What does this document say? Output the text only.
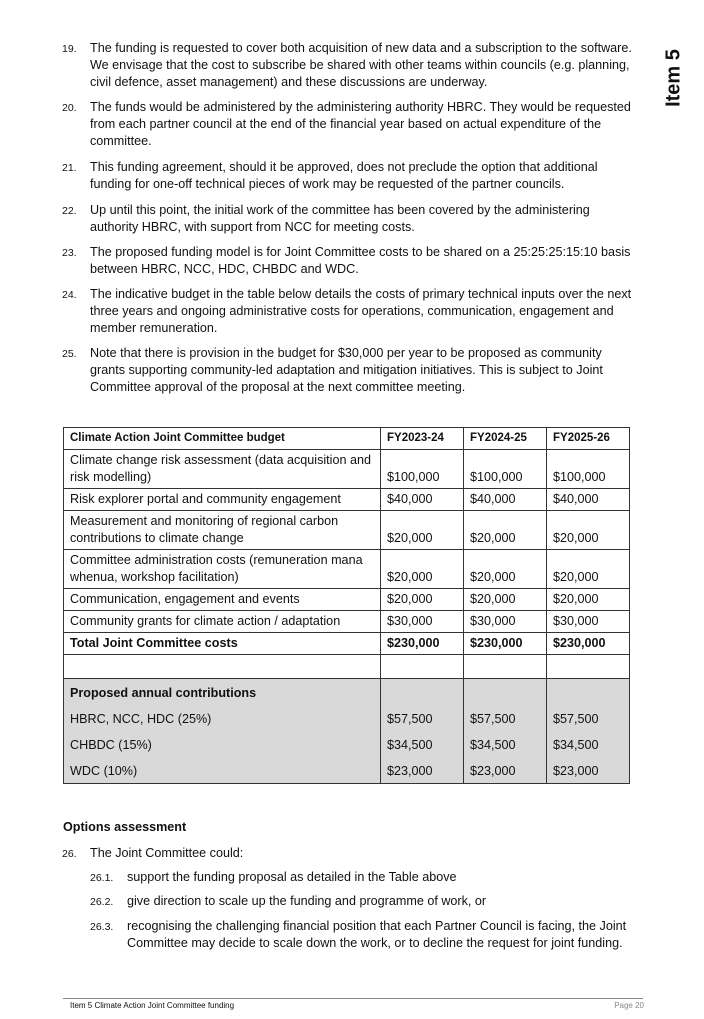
Item 5
19. The funding is requested to cover both acquisition of new data and a subscription to the software. We envisage that the cost to subscribe be shared with other teams within councils (e.g. planning, civil defence, asset management) and these discussions are underway.
20. The funds would be administered by the administering authority HBRC. They would be requested from each partner council at the end of the financial year based on actual expenditure of the committee.
21. This funding agreement, should it be approved, does not preclude the option that additional funding for one-off technical pieces of work may be requested of the partner councils.
22. Up until this point, the initial work of the committee has been covered by the administering authority HBRC, with support from NCC for meeting costs.
23. The proposed funding model is for Joint Committee costs to be shared on a 25:25:25:15:10 basis between HBRC, NCC, HDC, CHBDC and WDC.
24. The indicative budget in the table below details the costs of primary technical inputs over the next three years and ongoing administrative costs for operations, communication, engagement and member remuneration.
25. Note that there is provision in the budget for $30,000 per year to be proposed as community grants supporting community-led adaptation and mitigation initiatives. This is subject to Joint Committee approval of the proposal at the next committee meeting.
Climate Action Joint Committee budget	FY2023-24	FY2024-25	FY2025-26
Climate change risk assessment (data acquisition and risk modelling)	$100,000	$100,000	$100,000
Risk explorer portal and community engagement	$40,000	$40,000	$40,000
Measurement and monitoring of regional carbon contributions to climate change	$20,000	$20,000	$20,000
Committee administration costs (remuneration mana whenua, workshop facilitation)	$20,000	$20,000	$20,000
Communication, engagement and events	$20,000	$20,000	$20,000
Community grants for climate action / adaptation	$30,000	$30,000	$30,000
Total Joint Committee costs	$230,000	$230,000	$230,000

Proposed annual contributions			
HBRC, NCC, HDC (25%)	$57,500	$57,500	$57,500
CHBDC (15%)	$34,500	$34,500	$34,500
WDC (10%)	$23,000	$23,000	$23,000
Options assessment
26. The Joint Committee could:
26.1. support the funding proposal as detailed in the Table above
26.2. give direction to scale up the funding and programme of work, or
26.3. recognising the challenging financial position that each Partner Council is facing, the Joint Committee may decide to scale down the work, or to decline the request for joint funding.
Item 5 Climate Action Joint Committee funding	Page 20
